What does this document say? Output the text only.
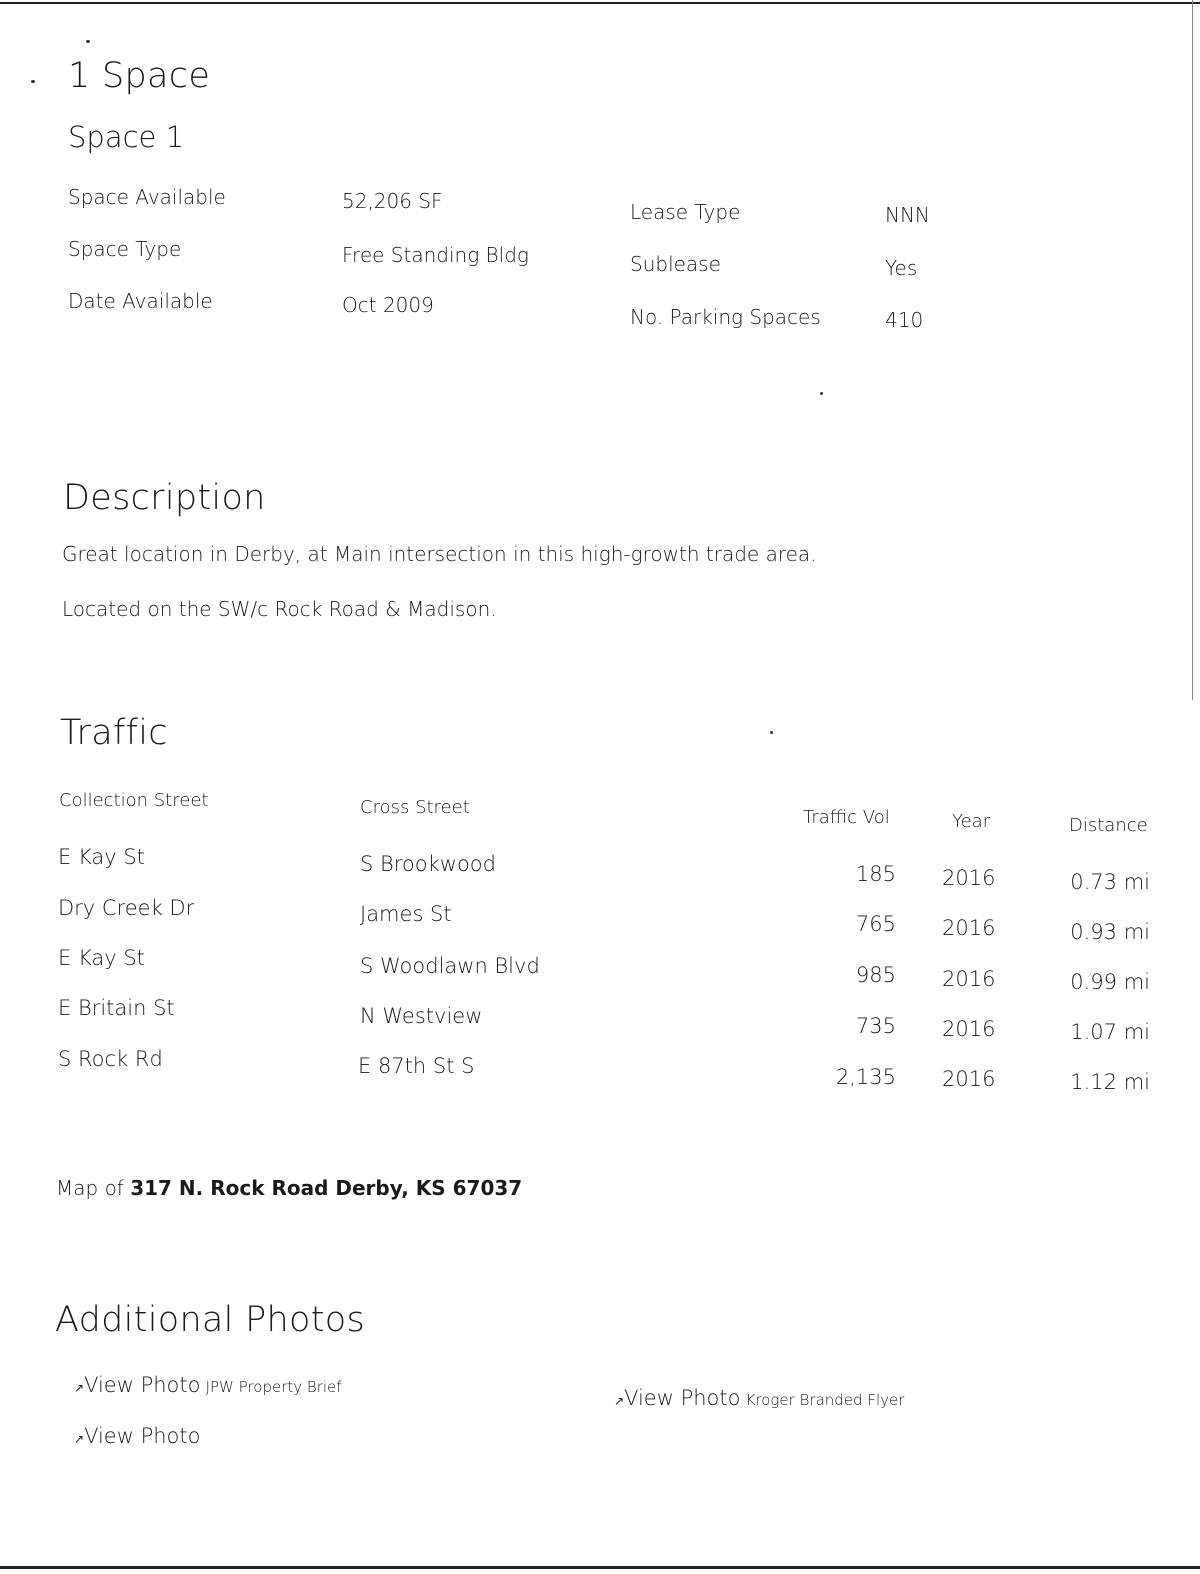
1 Space
Space 1
Space Available	52,206 SF
Space Type	Free Standing Bldg
Date Available	Oct 2009
Lease Type	NNN
Sublease	Yes
No. Parking Spaces	410
Description
Great location in Derby, at Main intersection in this high-growth trade area.
Located on the SW/c Rock Road & Madison.
Traffic
Collection Street	Cross Street	Traffic Vol	Year	Distance
E Kay St	S Brookwood	185 2016	0.73 mi
Dry Creek Dr	James St	765 2016	0.93 mi
E Kay St	S Woodlawn Blvd	985 2016	0.99 mi
E Britain St	N Westview	735 2016	1.07 mi
S Rock Rd	E 87th St S	2,135 2016	1.12 mi
Map of 317 N. Rock Road Derby, KS 67037
Additional Photos
↗View Photo JPW Property Brief
↗View Photo Kroger Branded Flyer
↗View Photo
